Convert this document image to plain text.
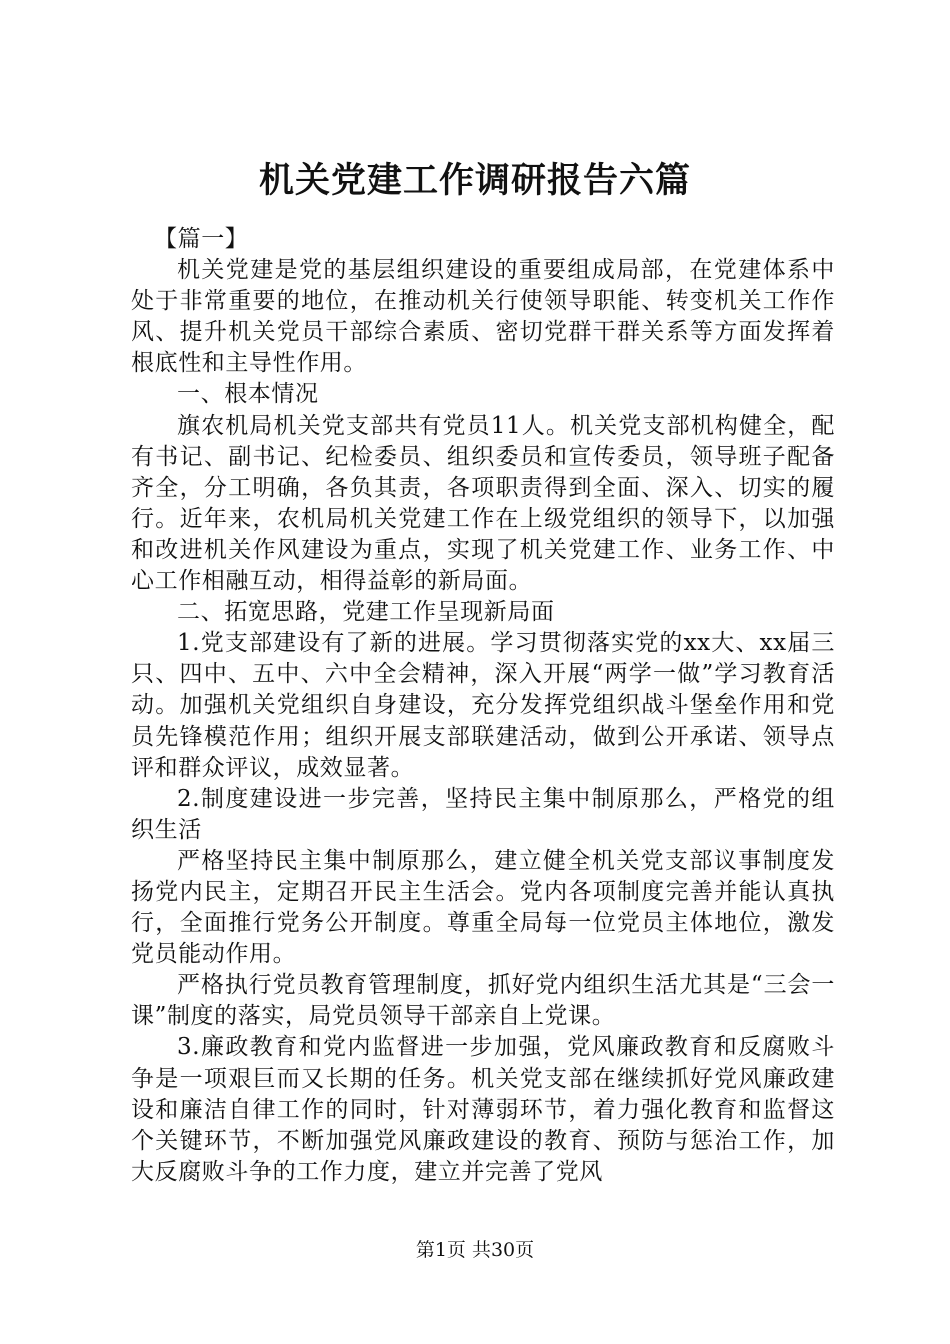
机关党建工作调研报告六篇

【篇一】

机关党建是党的基层组织建设的重要组成局部，在党建体系中处于非常重要的地位，在推动机关行使领导职能、转变机关工作作风、提升机关党员干部综合素质、密切党群干群关系等方面发挥着根底性和主导性作用。

一、根本情况

旗农机局机关党支部共有党员11人。机关党支部机构健全，配有书记、副书记、纪检委员、组织委员和宣传委员，领导班子配备齐全，分工明确，各负其责，各项职责得到全面、深入、切实的履行。近年来，农机局机关党建工作在上级党组织的领导下，以加强和改进机关作风建设为重点，实现了机关党建工作、业务工作、中心工作相融互动，相得益彰的新局面。

二、拓宽思路，党建工作呈现新局面

1.党支部建设有了新的进展。学习贯彻落实党的xx大、xx届三只、四中、五中、六中全会精神，深入开展“两学一做”学习教育活动。加强机关党组织自身建设，充分发挥党组织战斗堡垒作用和党员先锋模范作用；组织开展支部联建活动，做到公开承诺、领导点评和群众评议，成效显著。

2.制度建设进一步完善，坚持民主集中制原那么，严格党的组织生活

严格坚持民主集中制原那么，建立健全机关党支部议事制度发扬党内民主，定期召开民主生活会。党内各项制度完善并能认真执行，全面推行党务公开制度。尊重全局每一位党员主体地位，激发党员能动作用。

严格执行党员教育管理制度，抓好党内组织生活尤其是“三会一课”制度的落实，局党员领导干部亲自上党课。

3.廉政教育和党内监督进一步加强，党风廉政教育和反腐败斗争是一项艰巨而又长期的任务。机关党支部在继续抓好党风廉政建设和廉洁自律工作的同时，针对薄弱环节，着力强化教育和监督这个关键环节，不断加强党风廉政建设的教育、预防与惩治工作，加大反腐败斗争的工作力度，建立并完善了党风

第1页 共30页
